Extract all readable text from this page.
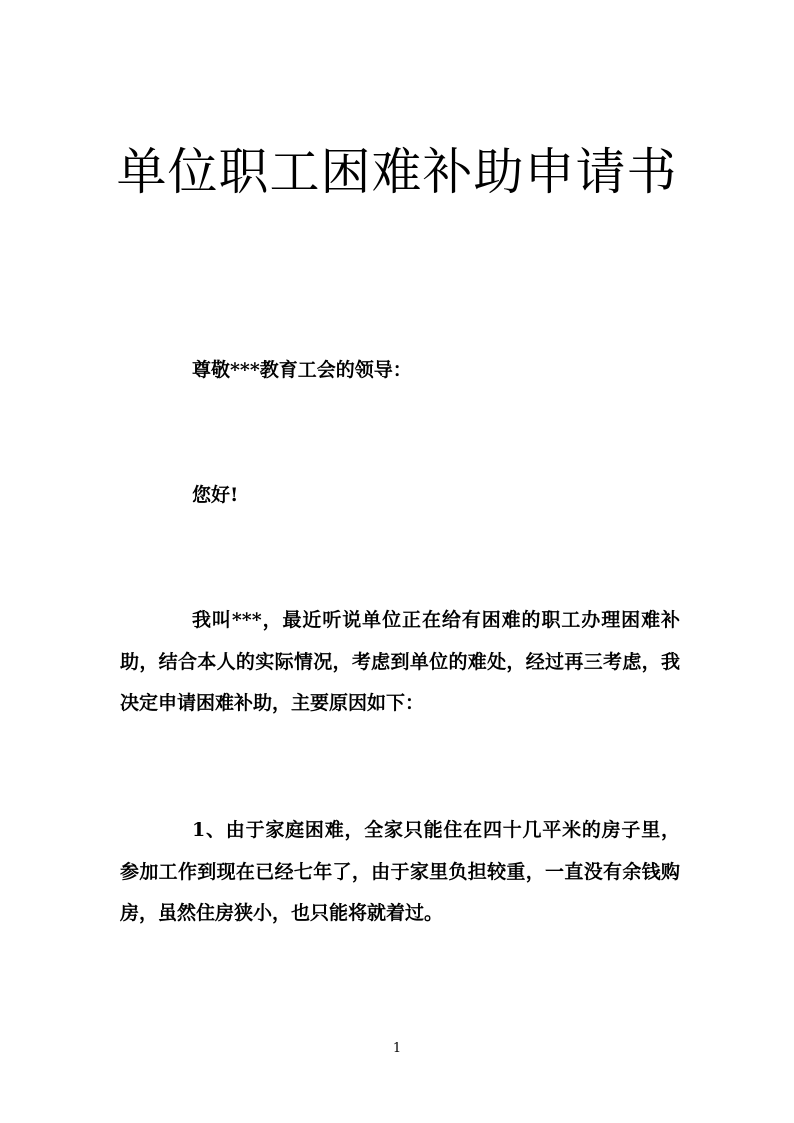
单位职工困难补助申请书
尊敬***教育工会的领导：
您好!
我叫***，最近听说单位正在给有困难的职工办理困难补助，结合本人的实际情况，考虑到单位的难处，经过再三考虑，我决定申请困难补助，主要原因如下：
1、由于家庭困难，全家只能住在四十几平米的房子里，参加工作到现在已经七年了，由于家里负担较重，一直没有余钱购房，虽然住房狭小，也只能将就着过。
1
